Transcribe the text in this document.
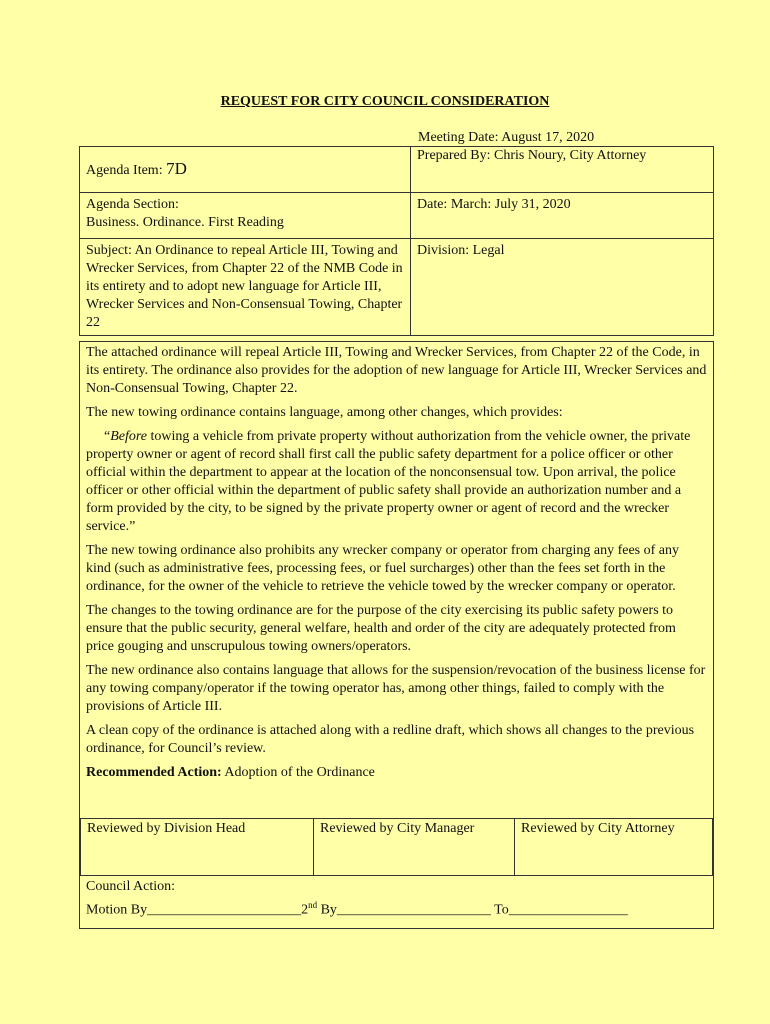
REQUEST FOR CITY COUNCIL CONSIDERATION
Meeting Date: August 17, 2020
Agenda Item: 7D	Prepared By: Chris Noury, City Attorney

Agenda Section:
Business. Ordinance. First Reading	Date: March: July 31, 2020
Subject: An Ordinance to repeal Article III, Towing and Wrecker Services, from Chapter 22 of the NMB Code in its entirety and to adopt new language for Article III, Wrecker Services and Non-Consensual Towing, Chapter 22	Division: Legal

The attached ordinance will repeal Article III, Towing and Wrecker Services, from Chapter 22 of the Code, in its entirety. The ordinance also provides for the adoption of new language for Article III, Wrecker Services and Non-Consensual Towing, Chapter 22.

The new towing ordinance contains language, among other changes, which provides:

“Before towing a vehicle from private property without authorization from the vehicle owner, the private property owner or agent of record shall first call the public safety department for a police officer or other official within the department to appear at the location of the nonconsensual tow. Upon arrival, the police officer or other official within the department of public safety shall provide an authorization number and a form provided by the city, to be signed by the private property owner or agent of record and the wrecker service.”

The new towing ordinance also prohibits any wrecker company or operator from charging any fees of any kind (such as administrative fees, processing fees, or fuel surcharges) other than the fees set forth in the ordinance, for the owner of the vehicle to retrieve the vehicle towed by the wrecker company or operator.

The changes to the towing ordinance are for the purpose of the city exercising its public safety powers to ensure that the public security, general welfare, health and order of the city are adequately protected from price gouging and unscrupulous towing owners/operators.

The new ordinance also contains language that allows for the suspension/revocation of the business license for any towing company/operator if the towing operator has, among other things, failed to comply with the provisions of Article III.

A clean copy of the ordinance is attached along with a redline draft, which shows all changes to the previous ordinance, for Council’s review.

Recommended Action: Adoption of the Ordinance

Reviewed by Division Head	Reviewed by City Manager	Reviewed by City Attorney
Council Action:
Motion By______________________2nd By______________________ To_________________
